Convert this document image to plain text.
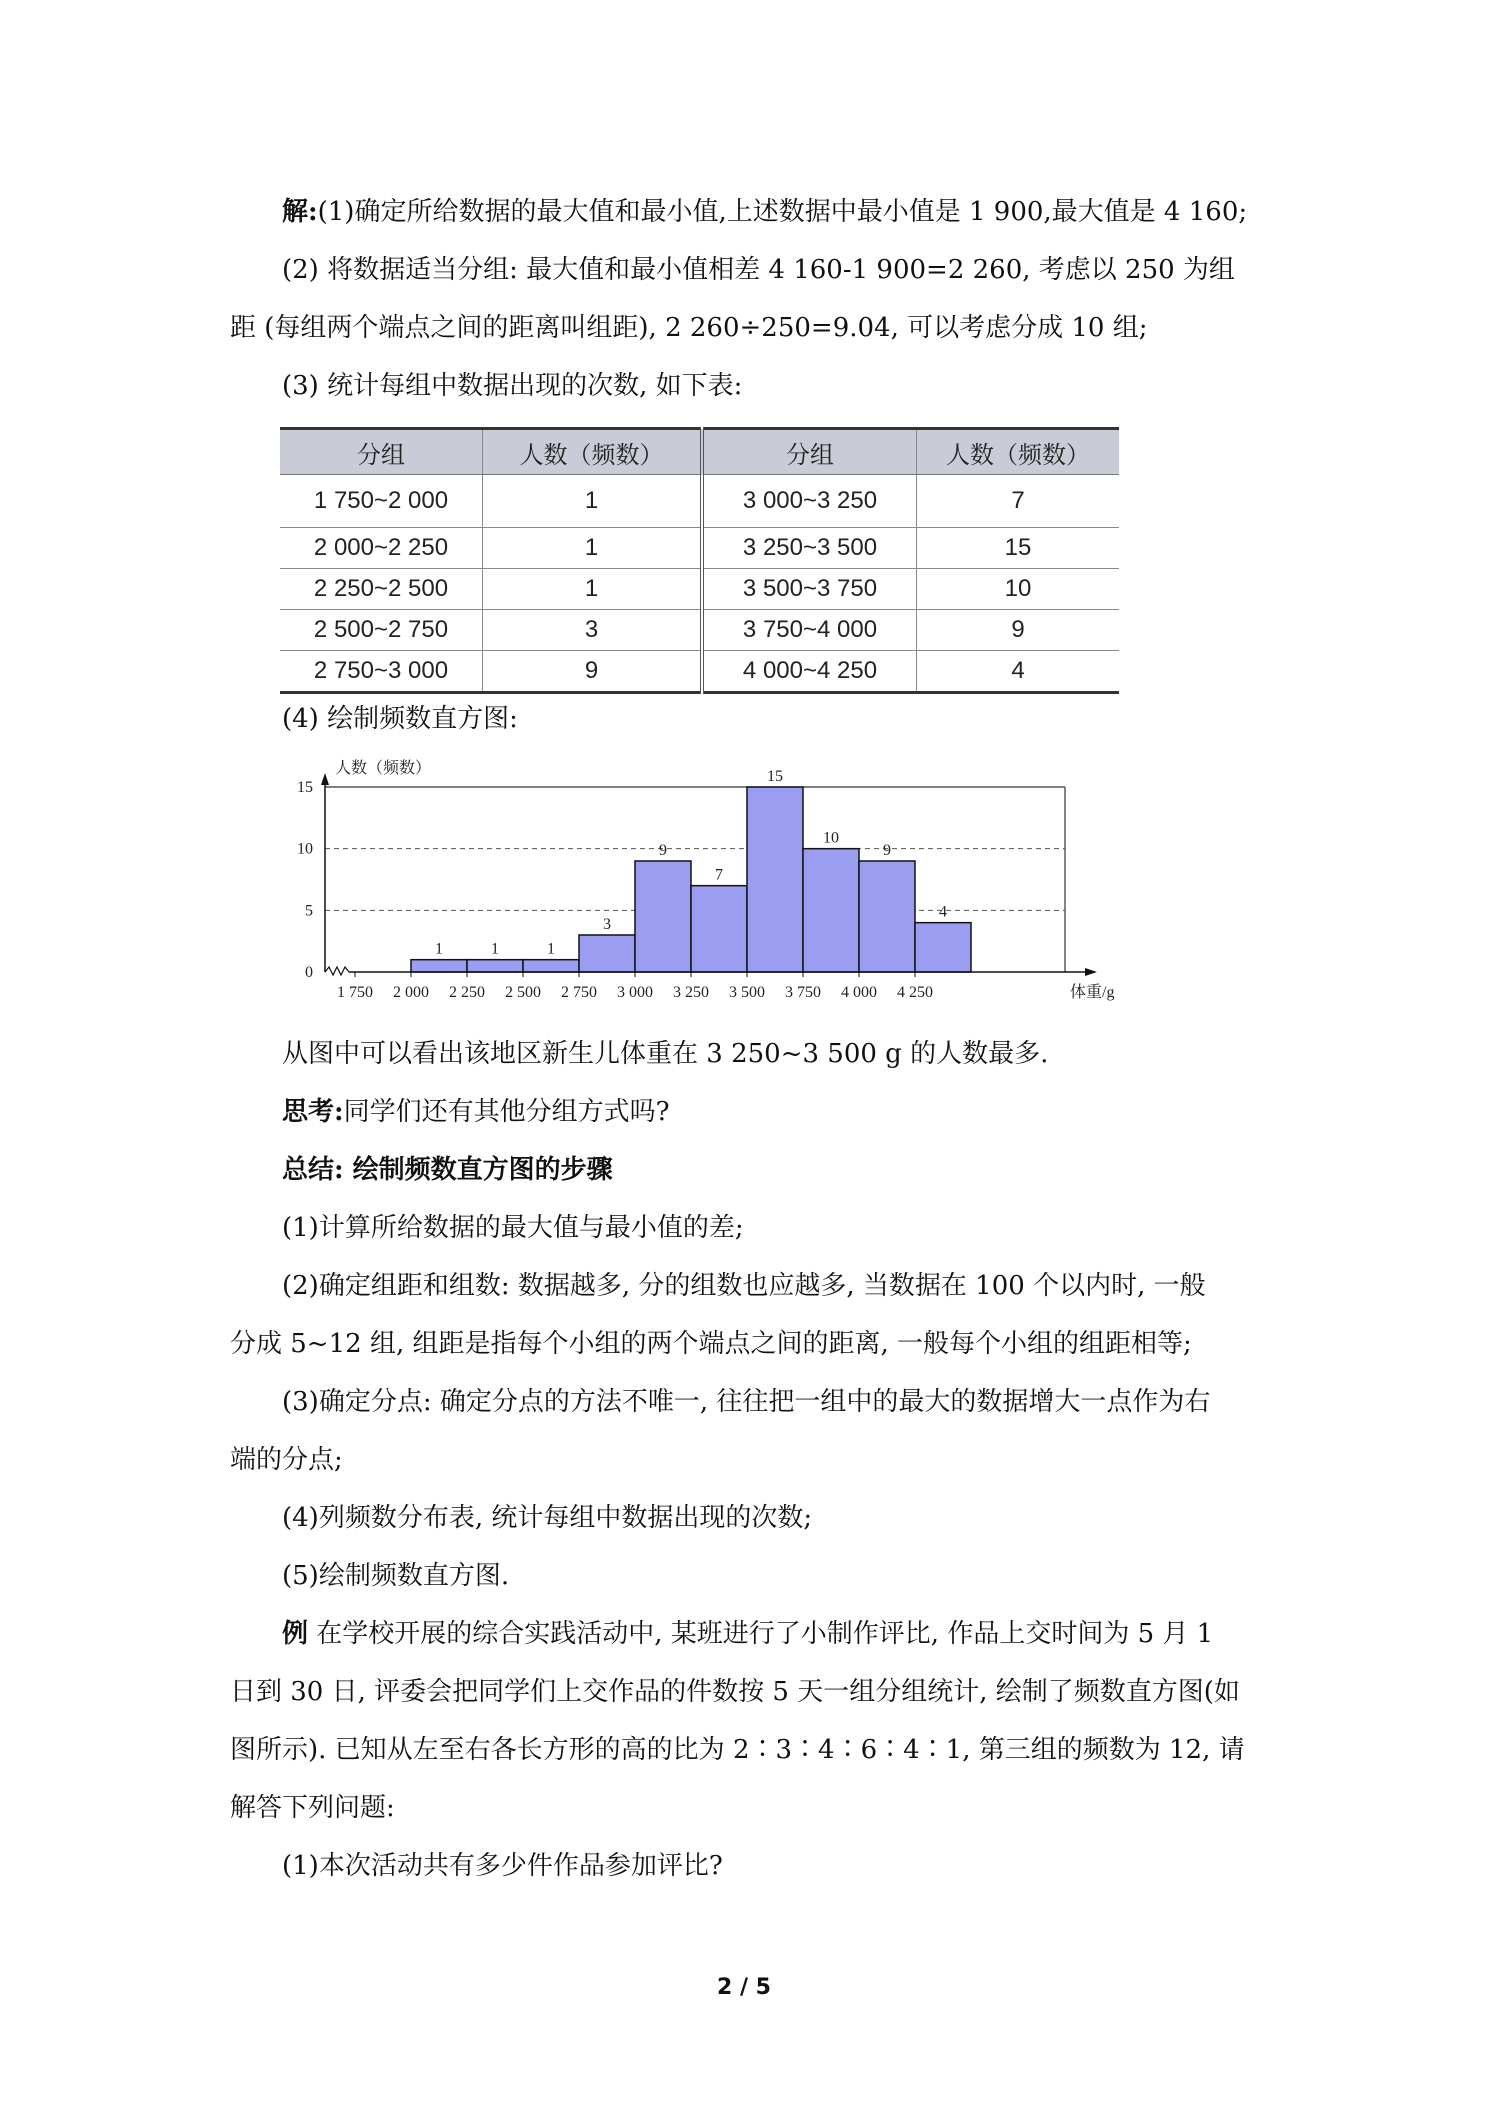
解:(1)确定所给数据的最大值和最小值,上述数据中最小值是 1 900,最大值是 4 160;
(2) 将数据适当分组: 最大值和最小值相差 4 160-1 900=2 260, 考虑以 250 为组
距 (每组两个端点之间的距离叫组距), 2 260÷250=9.04, 可以考虑分成 10 组;
(3) 统计每组中数据出现的次数, 如下表:
分组	人数（频数）	分组	人数（频数）
1 750~2 000	1	3 000~3 250	7
2 000~2 250	1	3 250~3 500	15
2 250~2 500	1	3 500~3 750	10
2 500~2 750	3	3 750~4 000	9
2 750~3 000	9	4 000~4 250	4
(4) 绘制频数直方图:
1	1	1
3
9
7
15
10
9
4
0
5
10
15
1 750 2 000 2 250 2 500 2 750 3 000 3 250 3 500 3 750 4 000 4 250
人数（频数）
体重/g
从图中可以看出该地区新生儿体重在 3 250~3 500 g 的人数最多.
思考:同学们还有其他分组方式吗?
总结: 绘制频数直方图的步骤
(1)计算所给数据的最大值与最小值的差;
(2)确定组距和组数: 数据越多, 分的组数也应越多, 当数据在 100 个以内时, 一般
分成 5~12 组, 组距是指每个小组的两个端点之间的距离, 一般每个小组的组距相等;
(3)确定分点: 确定分点的方法不唯一, 往往把一组中的最大的数据增大一点作为右
端的分点;
(4)列频数分布表, 统计每组中数据出现的次数;
(5)绘制频数直方图.
例 在学校开展的综合实践活动中, 某班进行了小制作评比, 作品上交时间为 5 月 1
日到 30 日, 评委会把同学们上交作品的件数按 5 天一组分组统计, 绘制了频数直方图(如
图所示). 已知从左至右各长方形的高的比为 2∶3∶4∶6∶4∶1, 第三组的频数为 12, 请
解答下列问题:
(1)本次活动共有多少件作品参加评比?
2 / 5
